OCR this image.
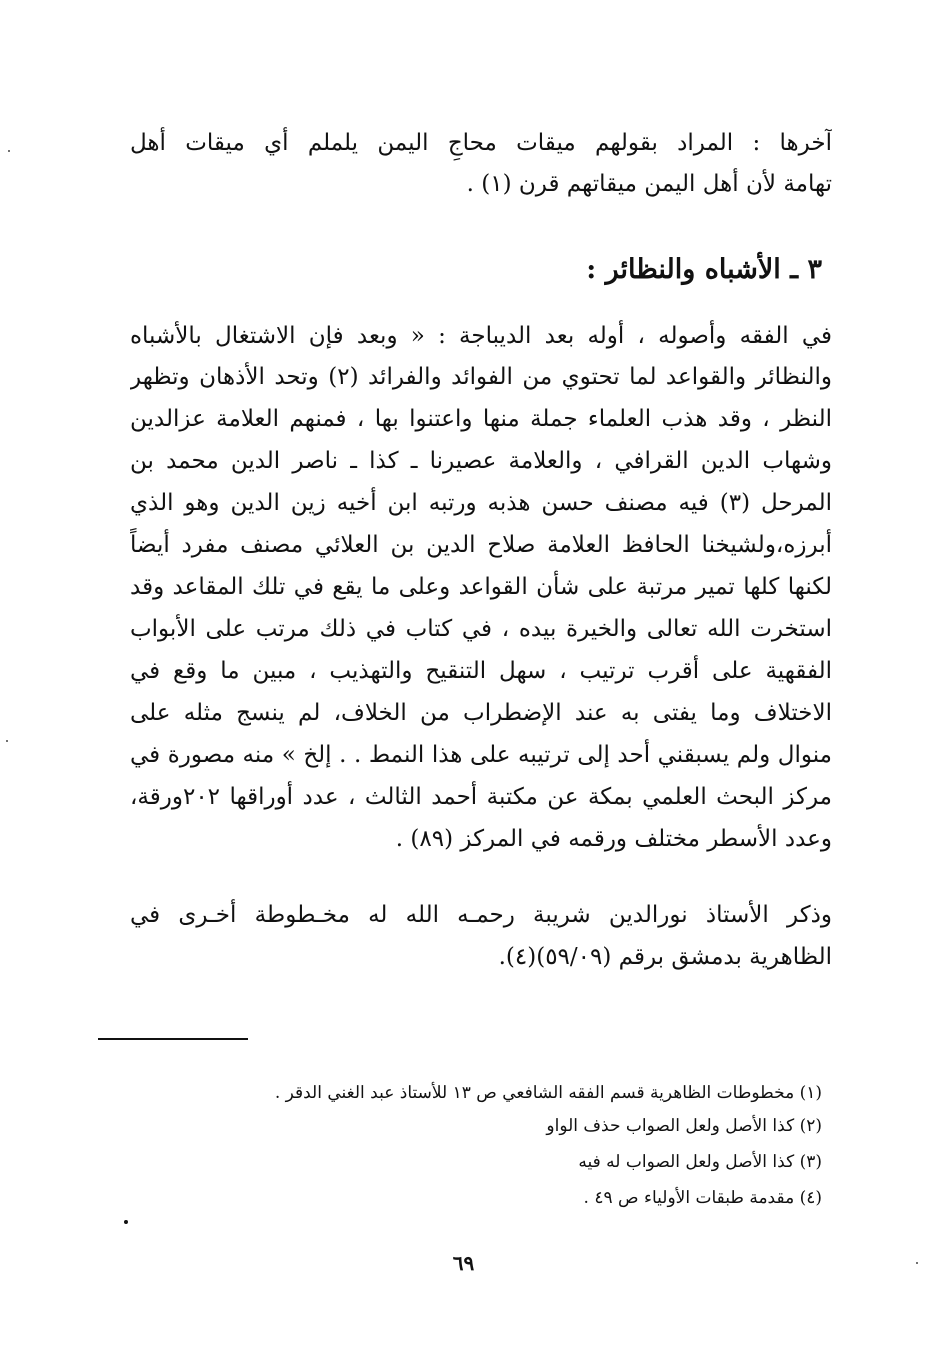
آخرها : المراد بقولهم ميقات محاجِ اليمن يلملم أي ميقات أهل
تهامة لأن أهل اليمن ميقاتهم قرن (١) .
٣ ـ الأشباه والنظائر :
في الفقه وأصوله ، أوله بعد الديباجة : « وبعد فإن الاشتغال بالأشباه
والنظائر والقواعد لما تحتوي من الفوائد والفرائد (٢) وتحد الأذهان وتظهر
النظر ، وقد هذب العلماء جملة منها واعتنوا بها ، فمنهم العلامة عزالدين
وشهاب الدين القرافي ، والعلامة عصيرنا ـ كذا ـ ناصر الدين محمد بن
المرحل (٣) فيه مصنف حسن هذبه ورتبه ابن أخيه زين الدين وهو الذي
أبرزه،ولشيخنا الحافظ العلامة صلاح الدين بن العلائي مصنف مفرد أيضاً
لكنها كلها تمير مرتبة على شأن القواعد وعلى ما يقع في تلك المقاعد وقد
استخرت الله تعالى والخيرة بيده ، في كتاب في ذلك مرتب على الأبواب
الفقهية على أقرب ترتيب ، سهل التنقيح والتهذيب ، مبين ما وقع في
الاختلاف وما يفتى به عند الإضطراب من الخلاف، لم ينسج مثله على
منوال ولم يسبقني أحد إلى ترتيبه على هذا النمط . . إلخ » منه مصورة في
مركز البحث العلمي بمكة عن مكتبة أحمد الثالث ، عدد أوراقها ٢٠٢ورقة،
وعدد الأسطر مختلف ورقمه في المركز (٨٩) .
وذكر الأستاذ نورالدين شريبة رحمـه الله له مخـطوطة أخـرى في
الظاهرية بدمشق برقم (٥٩/٠٩)(٤).
(١) مخطوطات الظاهرية قسم الفقه الشافعي ص ١٣ للأستاذ عبد الغني الدقر .
(٢) كذا الأصل ولعل الصواب حذف الواو
(٣) كذا الأصل ولعل الصواب له فيه
(٤) مقدمة طبقات الأولياء ص ٤٩ .
٦٩
